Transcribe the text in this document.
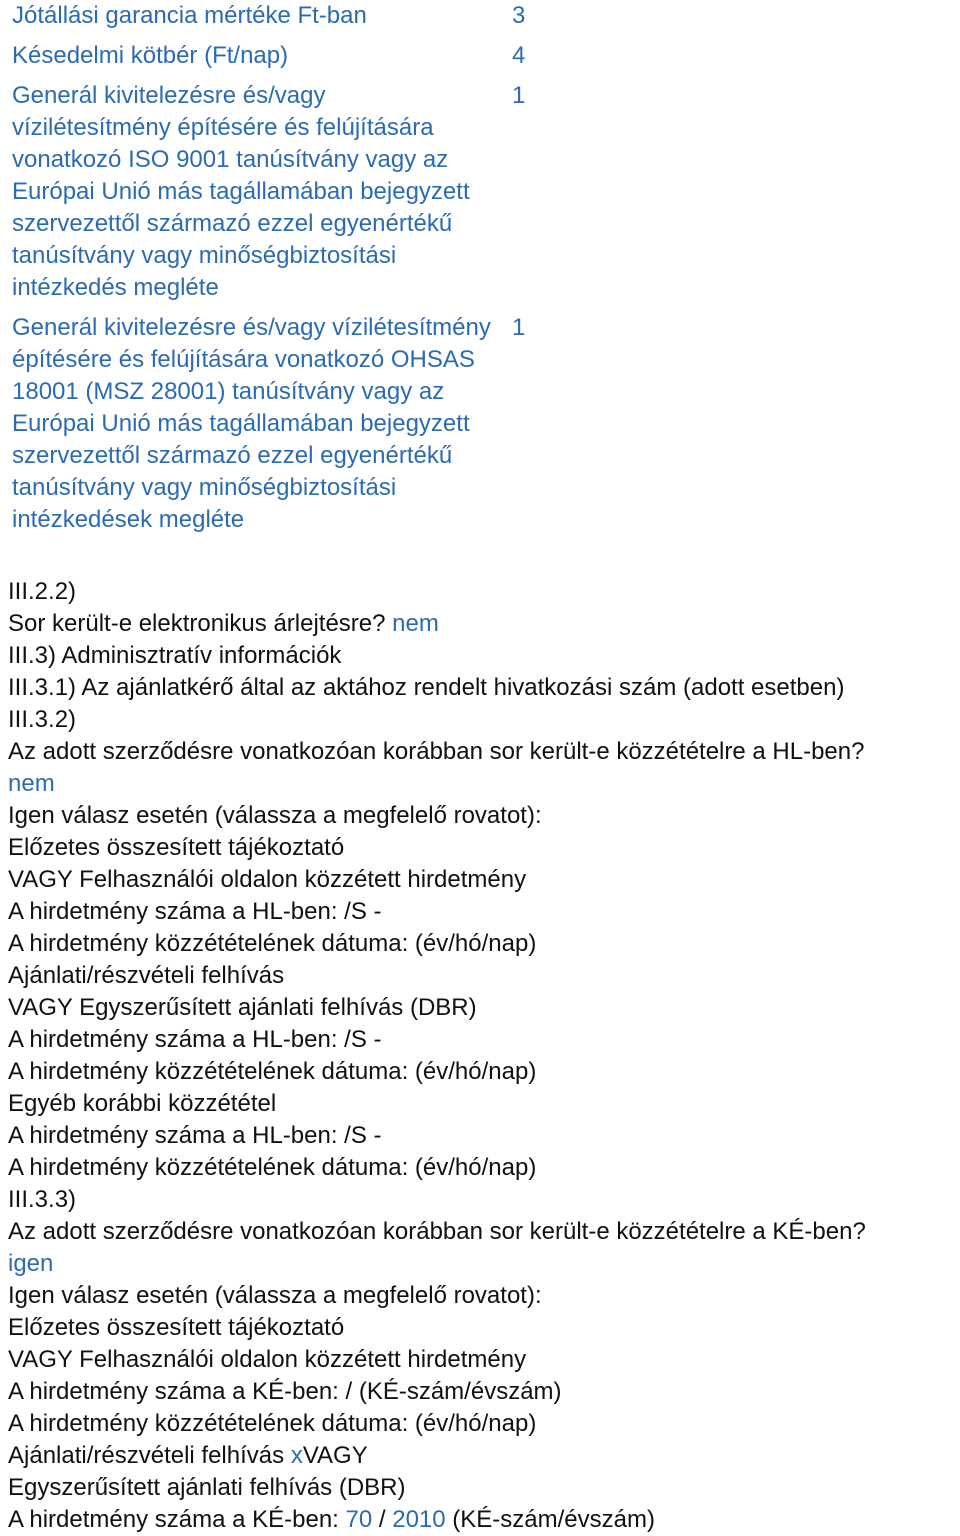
Jótállási garancia mértéke Ft-ban	3
Késedelmi kötbér (Ft/nap)	4
Generál kivitelezésre és/vagy vízilétesítmény építésére és felújítására vonatkozó ISO 9001 tanúsítvány vagy az Európai Unió más tagállamában bejegyzett szervezettől származó ezzel egyenértékű tanúsítvány vagy minőségbiztosítási intézkedés megléte
1
Generál kivitelezésre és/vagy vízilétesítmény építésére és felújítására vonatkozó OHSAS 18001 (MSZ 28001) tanúsítvány vagy az Európai Unió más tagállamában bejegyzett szervezettől származó ezzel egyenértékű tanúsítvány vagy minőségbiztosítási intézkedések megléte
1
III.2.2)
Sor került-e elektronikus árlejtésre? nem
III.3) Adminisztratív információk
III.3.1) Az ajánlatkérő által az aktához rendelt hivatkozási szám (adott esetben)
III.3.2)
Az adott szerződésre vonatkozóan korábban sor került-e közzétételre a HL-ben?
nem
Igen válasz esetén (válassza a megfelelő rovatot):
Előzetes összesített tájékoztató
VAGY Felhasználói oldalon közzétett hirdetmény
A hirdetmény száma a HL-ben: /S -
A hirdetmény közzétételének dátuma: (év/hó/nap)
Ajánlati/részvételi felhívás
VAGY Egyszerűsített ajánlati felhívás (DBR)
A hirdetmény száma a HL-ben: /S -
A hirdetmény közzétételének dátuma: (év/hó/nap)
Egyéb korábbi közzététel
A hirdetmény száma a HL-ben: /S -
A hirdetmény közzétételének dátuma: (év/hó/nap)
III.3.3)
Az adott szerződésre vonatkozóan korábban sor került-e közzétételre a KÉ-ben?
igen
Igen válasz esetén (válassza a megfelelő rovatot):
Előzetes összesített tájékoztató
VAGY Felhasználói oldalon közzétett hirdetmény
A hirdetmény száma a KÉ-ben: / (KÉ-szám/évszám)
A hirdetmény közzétételének dátuma: (év/hó/nap)
Ajánlati/részvételi felhívás xVAGY
Egyszerűsített ajánlati felhívás (DBR)
A hirdetmény száma a KÉ-ben: 70 / 2010 (KÉ-szám/évszám)
